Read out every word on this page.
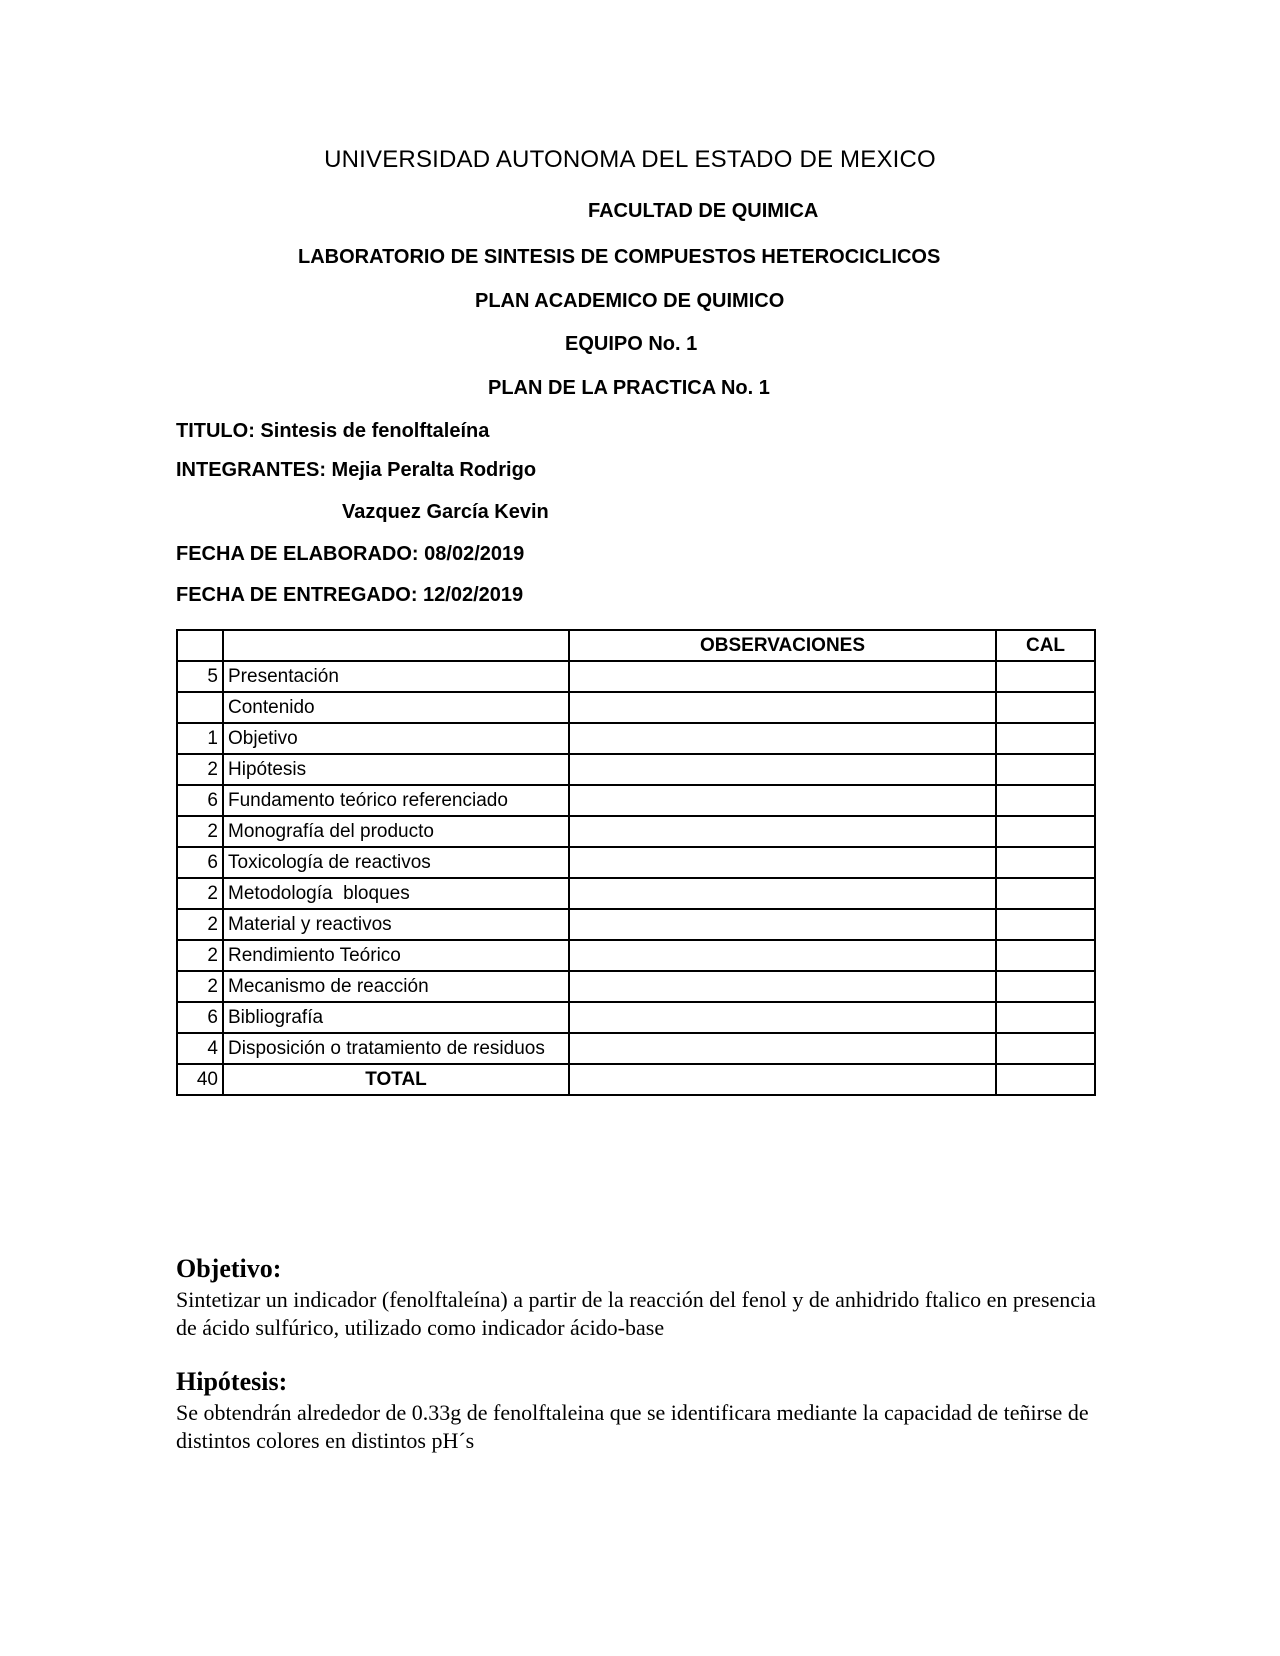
UNIVERSIDAD AUTONOMA DEL ESTADO DE MEXICO
FACULTAD DE QUIMICA
LABORATORIO DE SINTESIS DE COMPUESTOS HETEROCICLICOS
PLAN ACADEMICO DE QUIMICO
EQUIPO No. 1
PLAN DE LA PRACTICA No. 1
TITULO: Sintesis de fenolftaleína
INTEGRANTES: Mejia Peralta Rodrigo
Vazquez García Kevin
FECHA DE ELABORADO: 08/02/2019
FECHA DE ENTREGADO: 12/02/2019
		OBSERVACIONES	CAL
5	Presentación		
	Contenido		
1	Objetivo		
2	Hipótesis		
6	Fundamento teórico referenciado		
2	Monografía del producto		
6	Toxicología de reactivos		
2	Metodología  bloques		
2	Material y reactivos		
2	Rendimiento Teórico		
2	Mecanismo de reacción		
6	Bibliografía		
4	Disposición o tratamiento de residuos		
40	TOTAL		
Objetivo:
Sintetizar un indicador (fenolftaleína) a partir de la reacción del fenol y de anhidrido ftalico en presencia de ácido sulfúrico, utilizado como indicador ácido-base
Hipótesis:
Se obtendrán alrededor de 0.33g de fenolftaleina que se identificara mediante la capacidad de teñirse de distintos colores en distintos pH´s
